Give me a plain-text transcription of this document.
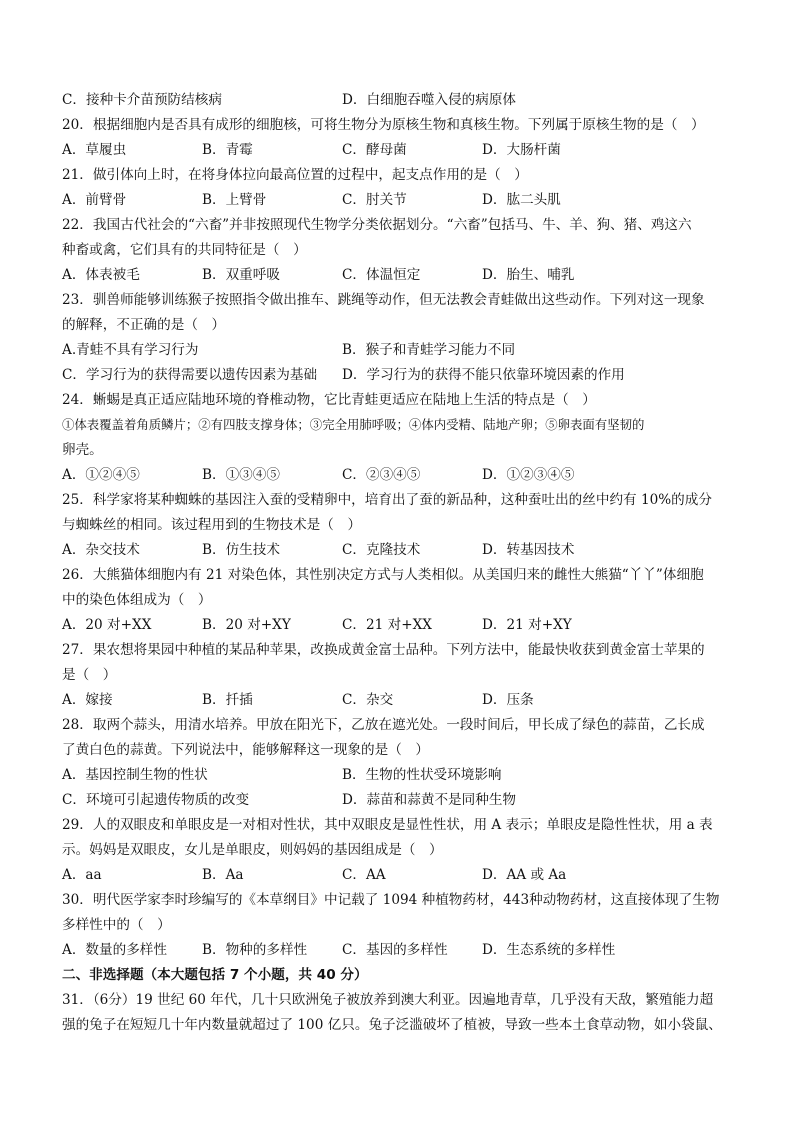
C．接种卡介苗预防结核病	D．白细胞吞噬入侵的病原体
20．根据细胞内是否具有成形的细胞核，可将生物分为原核生物和真核生物。下列属于原核生物的是（　）
A．草履虫	B．青霉	C．酵母菌	D．大肠杆菌
21．做引体向上时，在将身体拉向最高位置的过程中，起支点作用的是（　）
A．前臂骨	B．上臂骨	C．肘关节	D．肱二头肌
22．我国古代社会的“六畜”并非按照现代生物学分类依据划分。“六畜”包括马、牛、羊、狗、猪、鸡这六
种畜或禽，它们具有的共同特征是（　）
A．体表被毛	B．双重呼吸	C．体温恒定	D．胎生、哺乳
23．驯兽师能够训练猴子按照指令做出推车、跳绳等动作，但无法教会青蛙做出这些动作。下列对这一现象
的解释，不正确的是（　）
A.青蛙不具有学习行为	B．猴子和青蛙学习能力不同
C．学习行为的获得需要以遗传因素为基础 D．学习行为的获得不能只依靠环境因素的作用
24．蜥蜴是真正适应陆地环境的脊椎动物，它比青蛙更适应在陆地上生活的特点是（　）
①体表覆盖着角质鳞片；②有四肢支撑身体；③完全用肺呼吸；④体内受精、陆地产卵；⑤卵表面有坚韧的
卵壳。
A．①②④⑤	B．①③④⑤	C．②③④⑤	D．①②③④⑤
25．科学家将某种蜘蛛的基因注入蚕的受精卵中，培育出了蚕的新品种，这种蚕吐出的丝中约有 10%的成分
与蜘蛛丝的相同。该过程用到的生物技术是（　）
A．杂交技术	B．仿生技术	C．克隆技术	D．转基因技术
26．大熊猫体细胞内有 21 对染色体，其性别决定方式与人类相似。从美国归来的雌性大熊猫“丫丫”体细胞
中的染色体组成为（　）
A．20 对+XX	B．20 对+XY	C．21 对+XX	D．21 对+XY
27．果农想将果园中种植的某品种苹果，改换成黄金富士品种。下列方法中，能最快收获到黄金富士苹果的
是（　）
A．嫁接	B．扦插	C．杂交	D．压条
28．取两个蒜头，用清水培养。甲放在阳光下，乙放在遮光处。一段时间后，甲长成了绿色的蒜苗，乙长成
了黄白色的蒜黄。下列说法中，能够解释这一现象的是（　）
A．基因控制生物的性状	B．生物的性状受环境影响
C．环境可引起遗传物质的改变	D．蒜苗和蒜黄不是同种生物
29．人的双眼皮和单眼皮是一对相对性状，其中双眼皮是显性性状，用 A 表示；单眼皮是隐性性状，用 a 表
示。妈妈是双眼皮，女儿是单眼皮，则妈妈的基因组成是（　）
A．aa	B．Aa	C．AA	D．AA 或 Aa
30．明代医学家李时珍编写的《本草纲目》中记载了 1094 种植物药材，443种动物药材，这直接体现了生物
多样性中的（　）
A．数量的多样性	B．物种的多样性	C．基因的多样性	D．生态系统的多样性
二、非选择题（本大题包括 7 个小题，共 40 分）
31．（6分）19 世纪 60 年代，几十只欧洲兔子被放养到澳大利亚。因遍地青草，几乎没有天敌，繁殖能力超
强的兔子在短短几十年内数量就超过了 100 亿只。兔子泛滥破坏了植被，导致一些本土食草动物，如小袋鼠、
